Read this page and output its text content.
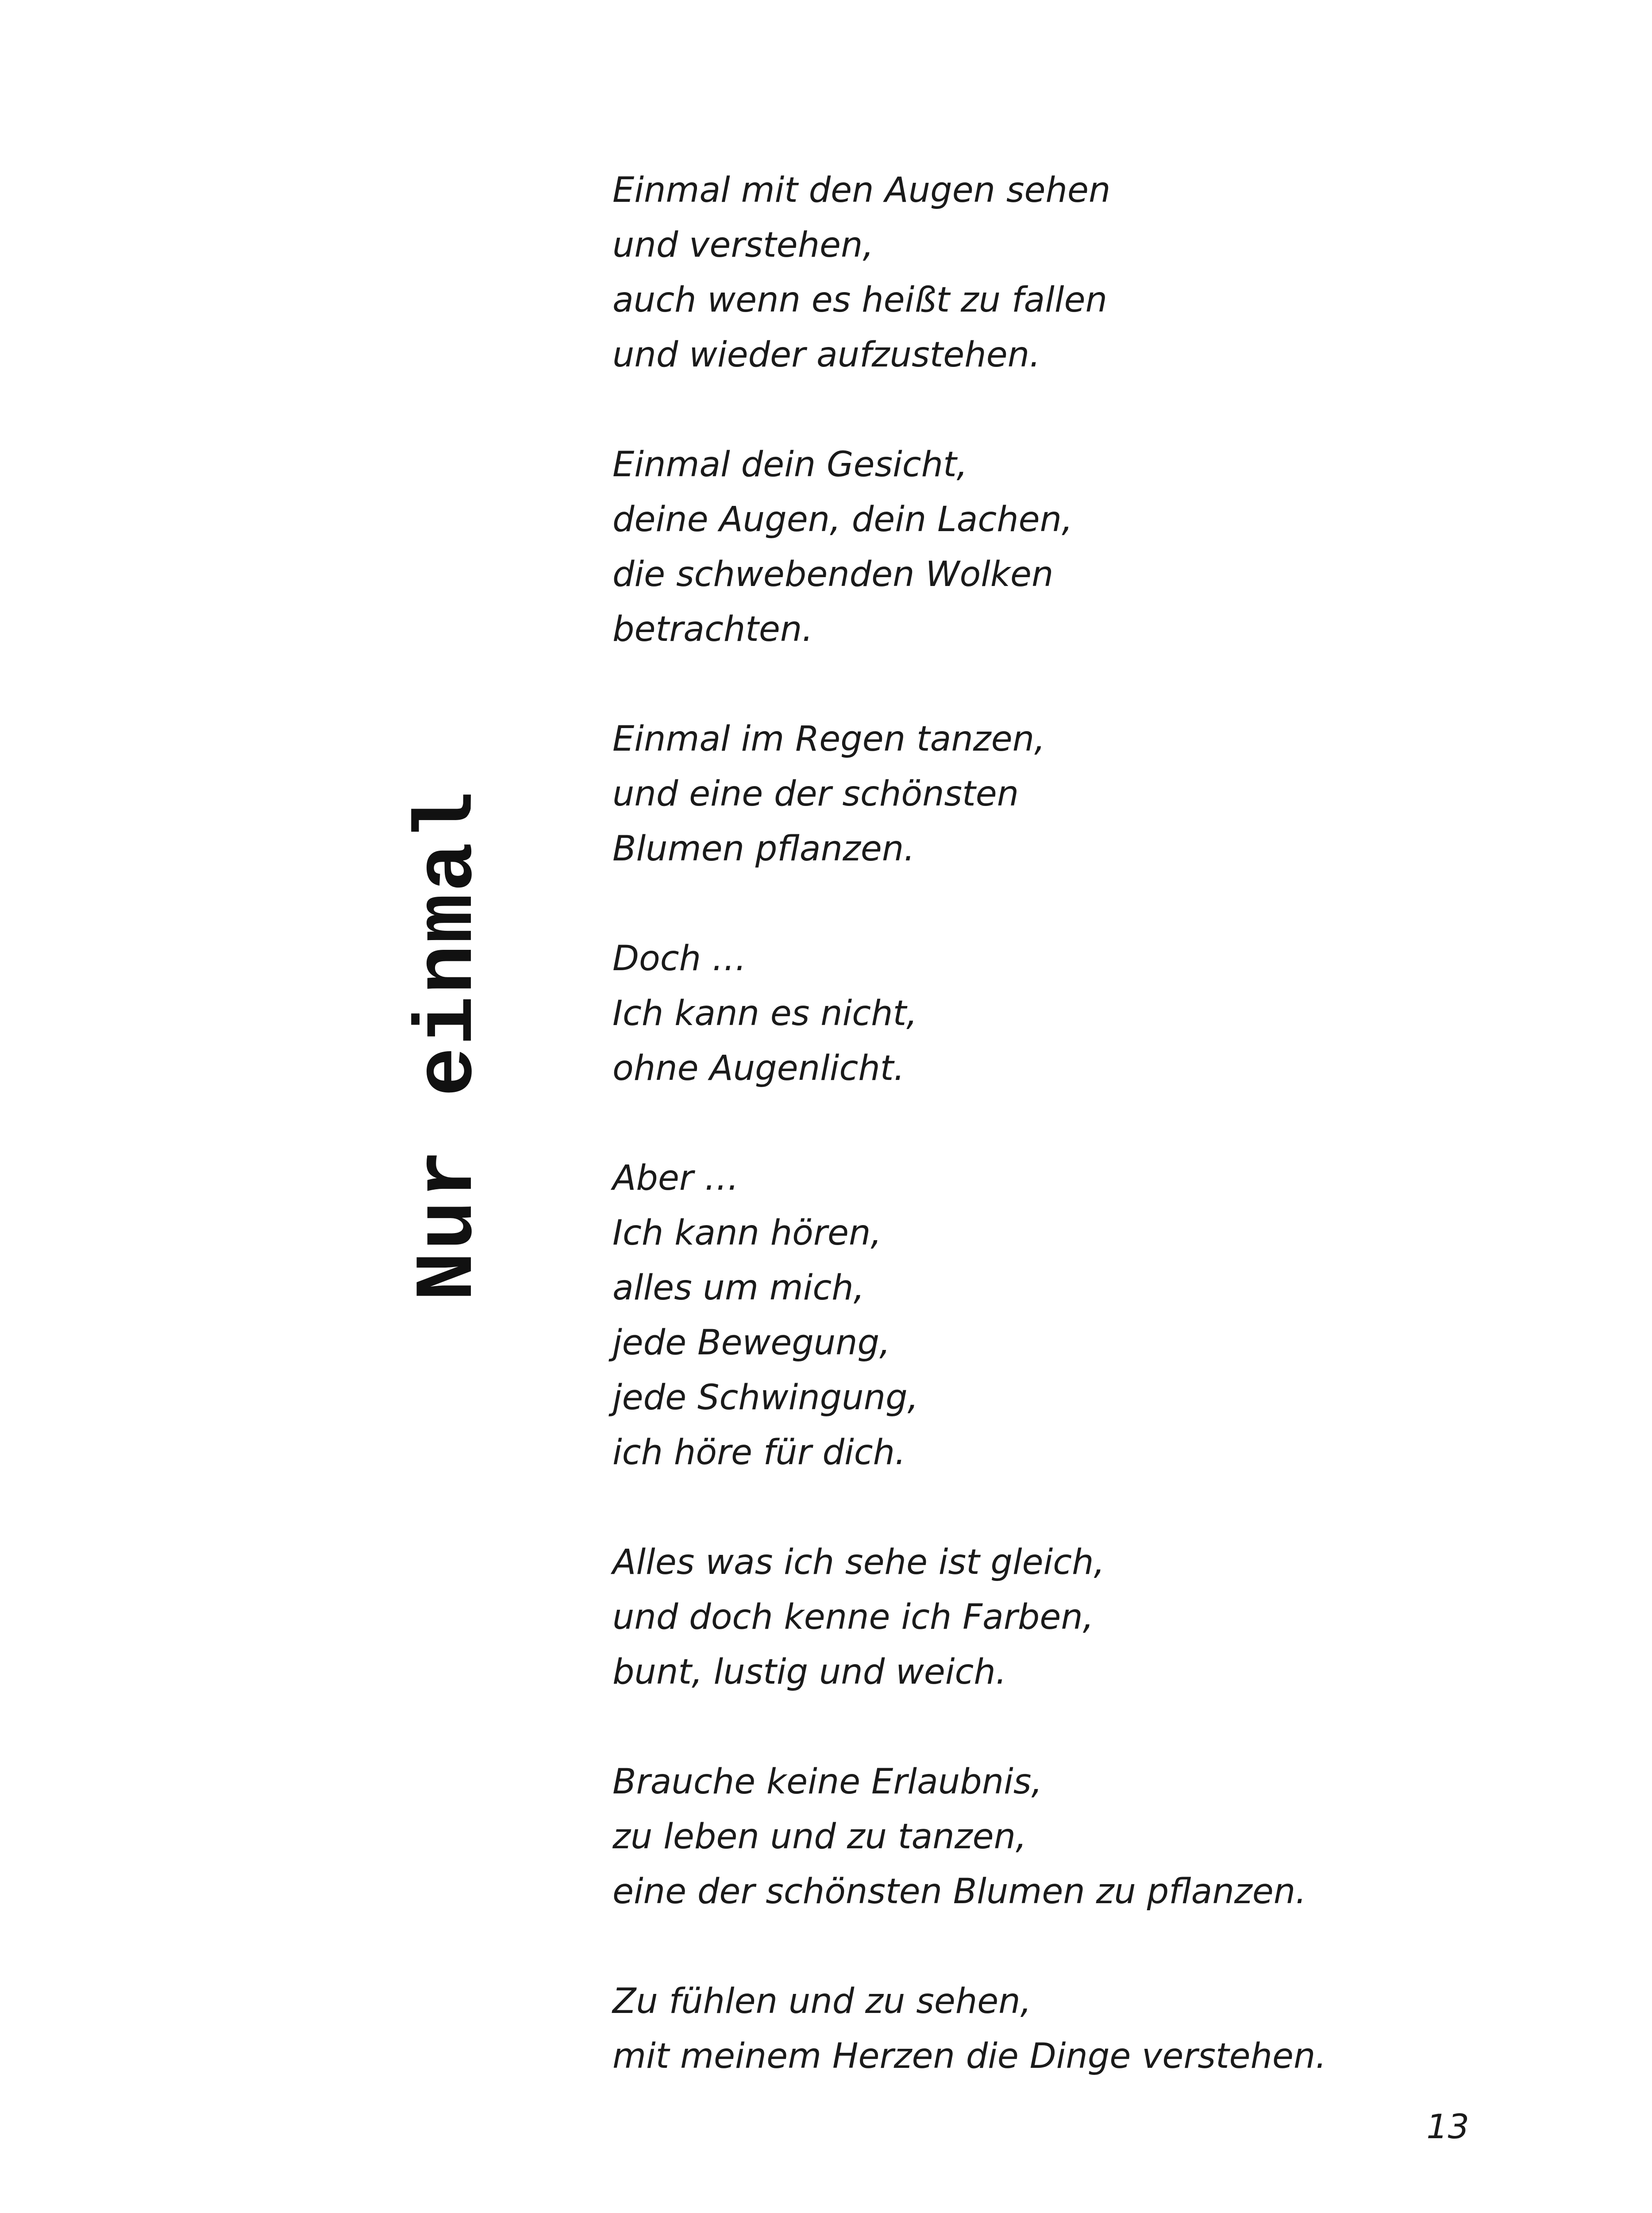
Nur einmal
Einmal mit den Augen sehen
und verstehen,
auch wenn es heißt zu fallen
und wieder aufzustehen.
Einmal dein Gesicht,
deine Augen, dein Lachen,
die schwebenden Wolken
betrachten.
Einmal im Regen tanzen,
und eine der schönsten
Blumen pflanzen.
Doch …
Ich kann es nicht,
ohne Augenlicht.
Aber …
Ich kann hören,
alles um mich,
jede Bewegung,
jede Schwingung,
ich höre für dich.
Alles was ich sehe ist gleich,
und doch kenne ich Farben,
bunt, lustig und weich.
Brauche keine Erlaubnis,
zu leben und zu tanzen,
eine der schönsten Blumen zu pflanzen.
Zu fühlen und zu sehen,
mit meinem Herzen die Dinge verstehen.
13
